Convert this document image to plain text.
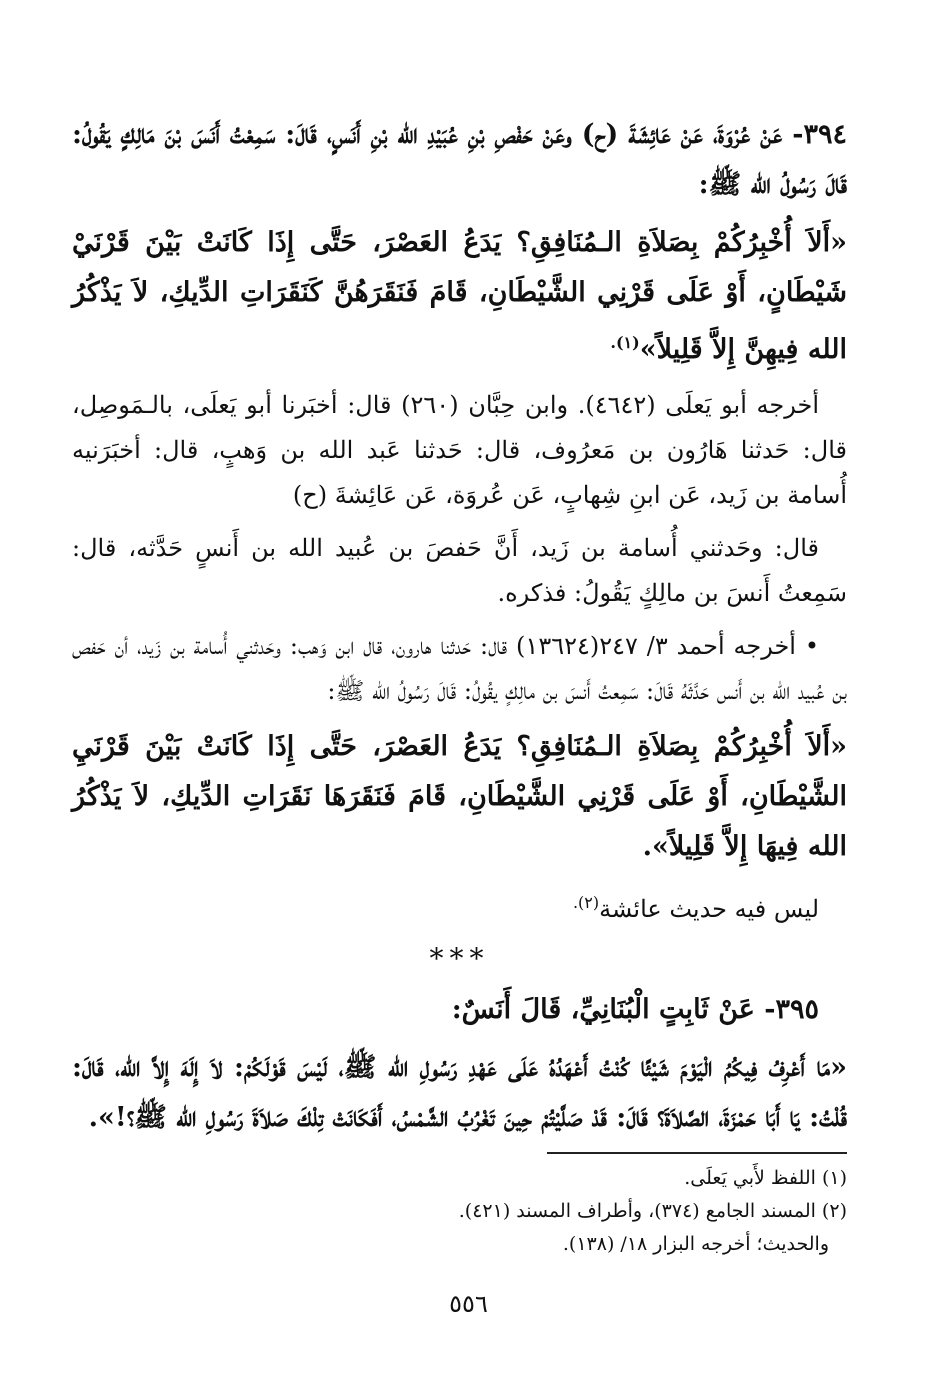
٣٩٤- عَنْ عُرْوَةَ، عَنْ عَائِشَةَ (ح) وعَنْ حَفْصِ بْنِ عُبَيْدِ الله بْنِ أَنَسٍ، قَالَ: سَمِعْتُ أَنَسَ بْنَ مَالِكٍ يَقُولُ: قَالَ رَسُولُ الله ﷺ:

«أَلاَ أُخْبِرُكُمْ بِصَلاَةِ الـمُنَافِقِ؟ يَدَعُ العَصْرَ، حَتَّى إِذَا كَانَتْ بَيْنَ قَرْنَيْ شَيْطَانٍ، أَوْ عَلَى قَرْنِي الشَّيْطَانِ، قَامَ فَنَقَرَهُنَّ كَنَقَرَاتِ الدِّيكِ، لاَ يَذْكُرُ الله فِيهِنَّ إِلاَّ قَلِيلاً»$^{(١).}$

أخرجه أبو يَعلَى (٤٦٤٢). وابن حِبَّان (٢٦٠) قال: أخبَرنا أبو يَعلَى، بالـمَوصِل، قال: حَدثنا هَارُون بن مَعرُوف، قال: حَدثنا عَبد الله بن وَهبٍ، قال: أخبَرَنيه أُسامة بن زَيد، عَن ابنِ شِهابٍ، عَن عُروَة، عَن عَائِشةَ (ح)

قال: وحَدثني أُسامة بن زَيد، أَنَّ حَفصَ بن عُبيد الله بن أَنسٍ حَدَّثه، قال: سَمِعتُ أَنسَ بن مالِكٍ يَقُولُ: فذكره.

• أخرجه أحمد ٣/ ٢٤٧(١٣٦٢٤) قال: حَدثنا هارون، قال ابن وَهب: وحَدثني أُسامة بن زَيد، أن حَفص بن عُبيد الله بن أَنس حَدَّثَهُ قَالَ: سَمِعتُ أَنسَ بن مالِكٍ يقُولُ: قَالَ رَسُولُ الله ﷺ:

«أَلاَ أُخْبِرُكُمْ بِصَلاَةِ الـمُنَافِقِ؟ يَدَعُ العَصْرَ، حَتَّى إِذَا كَانَتْ بَيْنَ قَرْنَيِ الشَّيْطَانِ، أَوْ عَلَى قَرْنِي الشَّيْطَانِ، قَامَ فَنَقَرَهَا نَقَرَاتِ الدِّيكِ، لاَ يَذْكُرُ الله فِيهَا إِلاَّ قَلِيلاً».

ليس فيه حديث عائشة$^{(٢).}$

***

٣٩٥- عَنْ ثَابِتٍ الْبُنَانِيِّ، قَالَ أَنَسٌ:

«مَا أَعْرِفُ فِيكُمُ الْيَوْمَ شَيْئًا كُنْتُ أَعْهَدُهُ عَلَى عَهْدِ رَسُولِ الله ﷺ، لَيْسَ قَوْلَكُمْ: لاَ إِلَهَ إِلاَّ الله، قَالَ: قُلْتُ: يَا أَبَا حَمْزَةَ، الصَّلاَةَ؟ قَالَ: قَدْ صَلَّيْتُمْ حِينَ تَغْرُبُ الشَّمْسُ، أَفَكَانَتْ تِلْكَ صَلاَةَ رَسُولِ الله ﷺ؟!».

(١) اللفظ لأَبي يَعلَى.

(٢) المسند الجامع (٣٧٤)، وأطراف المسند (٤٢١).

والحديث؛ أخرجه البزار ١٨/ (١٣٨).

٥٥٦
